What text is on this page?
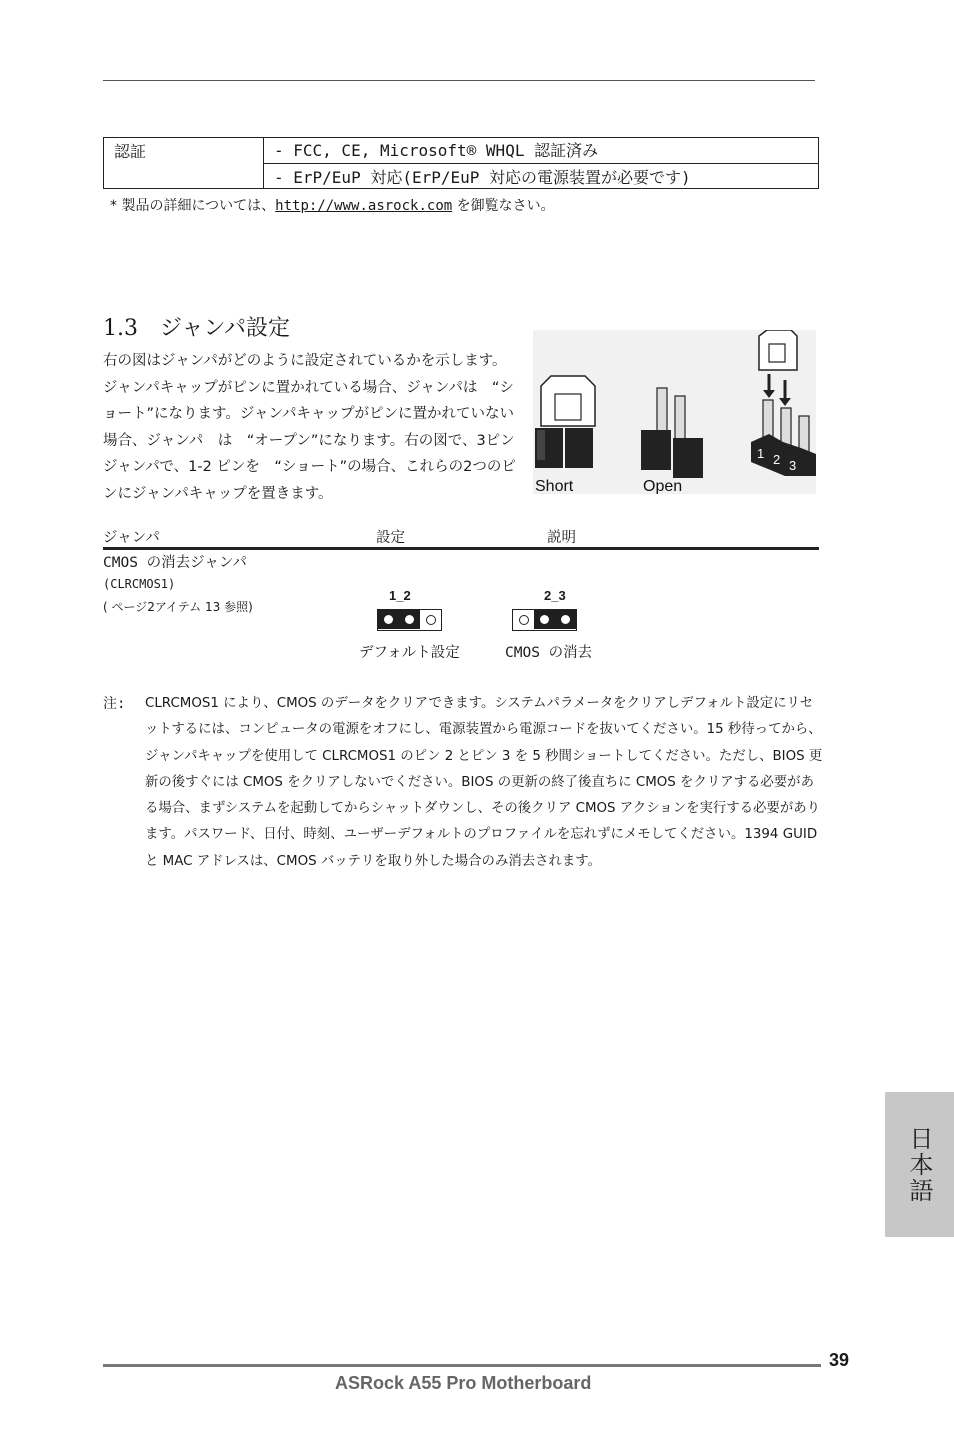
認証	- FCC, CE, Microsoft® WHQL 認証済み
- ErP/EuP 対応(ErP/EuP 対応の電源装置が必要です)
* 製品の詳細については、http://www.asrock.com を御覧なさい。
1.3　ジャンパ設定
右の図はジャンパがどのように設定されているかを示します。ジャンパキャップがピンに置かれている場合、ジャンパは　“ショート”になります。ジャンパキャップがピンに置かれていない場合、ジャンパ　は　“オープン”になります。右の図で、3ピンジャンパで、1-2 ピンを　“ショート”の場合、これらの2つのピンにジャンパキャップを置きます。	Short	Open
1 2 3
ジャンパ	設定	説明
CMOS の消去ジャンパ
(CLRCMOS1)
( ページ2アイテム 13 参照)
1_2	2_3
デフォルト設定	CMOS の消去
注: CLRCMOS1 により、CMOS のデータをクリアできます。システムパラメータをクリアしデフォルト設定にリセットするには、コンピュータの電源をオフにし、電源装置から電源コードを抜いてください。15 秒待ってから、ジャンパキャップを使用して CLRCMOS1 のピン 2 とピン 3 を 5 秒間ショートしてください。ただし、BIOS 更新の後すぐには CMOS をクリアしないでください。BIOS の更新の終了後直ちに CMOS をクリアする必要がある場合、まずシステムを起動してからシャットダウンし、その後クリア CMOS アクションを実行する必要があります。パスワード、日付、時刻、ユーザーデフォルトのプロファイルを忘れずにメモしてください。1394 GUID と MAC アドレスは、CMOS バッテリを取り外した場合のみ消去されます。
日本語
39
ASRock A55 Pro Motherboard
